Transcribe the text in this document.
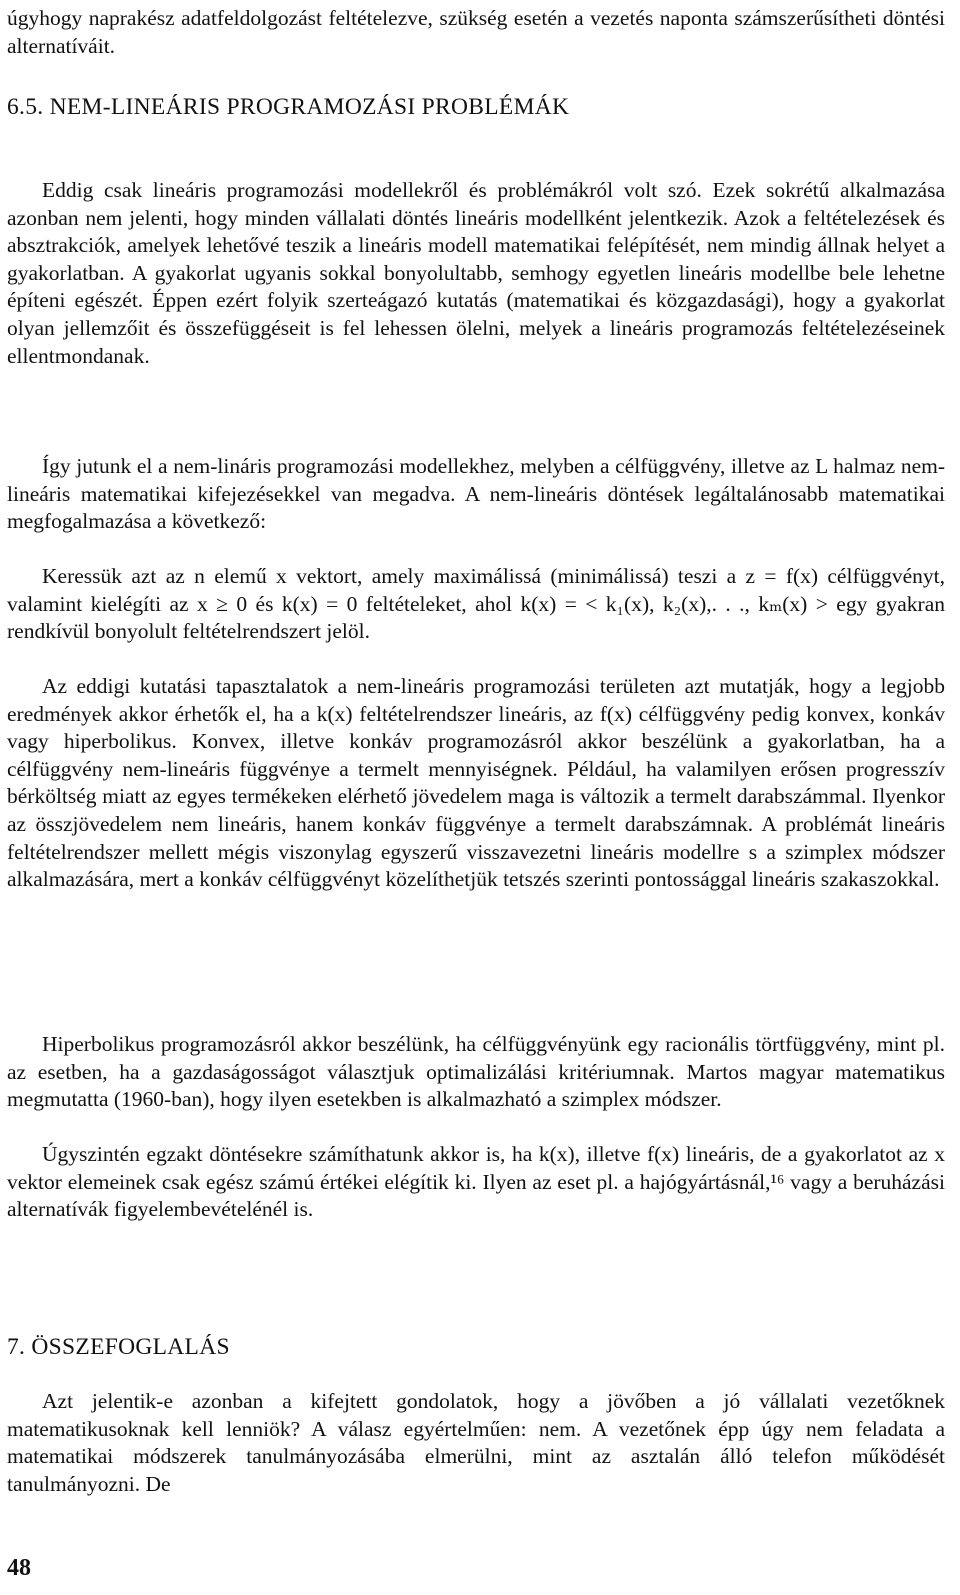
úgyhogy naprakész adatfeldolgozást feltételezve, szükség esetén a vezetés naponta számszerűsítheti döntési alternatíváit.

6.5. NEM-LINEÁRIS PROGRAMOZÁSI PROBLÉMÁK

Eddig csak lineáris programozási modellekről és problémákról volt szó. Ezek sokrétű alkalmazása azonban nem jelenti, hogy minden vállalati döntés lineáris modellként jelentkezik. Azok a feltételezések és absztrakciók, amelyek lehetővé teszik a lineáris modell matematikai felépítését, nem mindig állnak helyet a gyakorlatban. A gyakorlat ugyanis sokkal bonyolultabb, semhogy egyetlen lineáris modellbe bele lehetne építeni egészét. Éppen ezért folyik szerteágazó kutatás (matematikai és közgazdasági), hogy a gyakorlat olyan jellemzőit és összefüggéseit is fel lehessen ölelni, melyek a lineáris programozás feltételezéseinek ellentmondanak.

Így jutunk el a nem-lináris programozási modellekhez, melyben a célfüggvény, illetve az L halmaz nem-lineáris matematikai kifejezésekkel van megadva. A nem-lineáris döntések legáltalánosabb matematikai megfogalmazása a következő:

Keressük azt az n elemű x vektort, amely maximálissá (minimálissá) teszi a z = f(x) célfüggvényt, valamint kielégíti az x ≥ 0 és k(x) = 0 feltételeket, ahol k(x) = < k₁(x), k₂(x),. . ., kₘ(x) > egy gyakran rendkívül bonyolult feltételrendszert jelöl.

Az eddigi kutatási tapasztalatok a nem-lineáris programozási területen azt mutatják, hogy a legjobb eredmények akkor érhetők el, ha a k(x) feltételrendszer lineáris, az f(x) célfüggvény pedig konvex, konkáv vagy hiperbolikus. Konvex, illetve konkáv programozásról akkor beszélünk a gyakorlatban, ha a célfüggvény nem-lineáris függvénye a termelt mennyiségnek. Például, ha valamilyen erősen progresszív bérköltség miatt az egyes termékeken elérhető jövedelem maga is változik a termelt darabszámmal. Ilyenkor az összjövedelem nem lineáris, hanem konkáv függvénye a termelt darabszámnak. A problémát lineáris feltételrendszer mellett mégis viszonylag egyszerű visszavezetni lineáris modellre s a szimplex módszer alkalmazására, mert a konkáv célfüggvényt közelíthetjük tetszés szerinti pontossággal lineáris szakaszokkal.

Hiperbolikus programozásról akkor beszélünk, ha célfüggvényünk egy racionális törtfüggvény, mint pl. az esetben, ha a gazdaságosságot választjuk optimalizálási kritériumnak. Martos magyar matematikus megmutatta (1960-ban), hogy ilyen esetekben is alkalmazható a szimplex módszer.

Úgyszintén egzakt döntésekre számíthatunk akkor is, ha k(x), illetve f(x) lineáris, de a gyakorlatot az x vektor elemeinek csak egész számú értékei elégítik ki. Ilyen az eset pl. a hajógyártásnál,¹⁶ vagy a beruházási alternatívák figyelembevételénél is.

7. ÖSSZEFOGLALÁS

Azt jelentik-e azonban a kifejtett gondolatok, hogy a jövőben a jó vállalati vezetőknek matematikusoknak kell lenniök? A válasz egyértelműen: nem. A vezetőnek épp úgy nem feladata a matematikai módszerek tanulmányozásába elmerülni, mint az asztalán álló telefon működését tanulmányozni. De

48
